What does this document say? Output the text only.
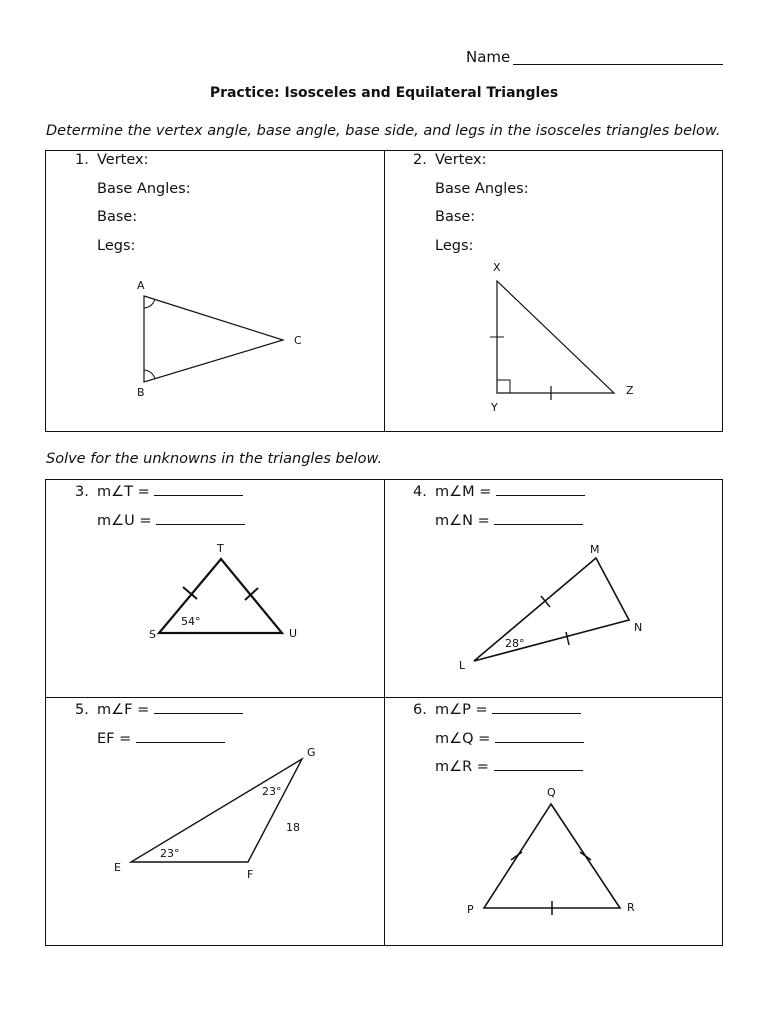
Name
Practice: Isosceles and Equilateral Triangles
Determine the vertex angle, base angle, base side, and legs in the isosceles triangles below.
1. Vertex:
Base Angles:
Base:
Legs:
A
B
C
2. Vertex:
Base Angles:
Base:
Legs:
X
Y
Z
Solve for the unknowns in the triangles below.
3. m∠T =
m∠U =
T
S	U
54°
4. m∠M =
m∠N =
M
N
L
28°
5. m∠F =
EF =
G
E
F
23°
23°
18
6. m∠P =
m∠Q =
m∠R =
Q
P	R
